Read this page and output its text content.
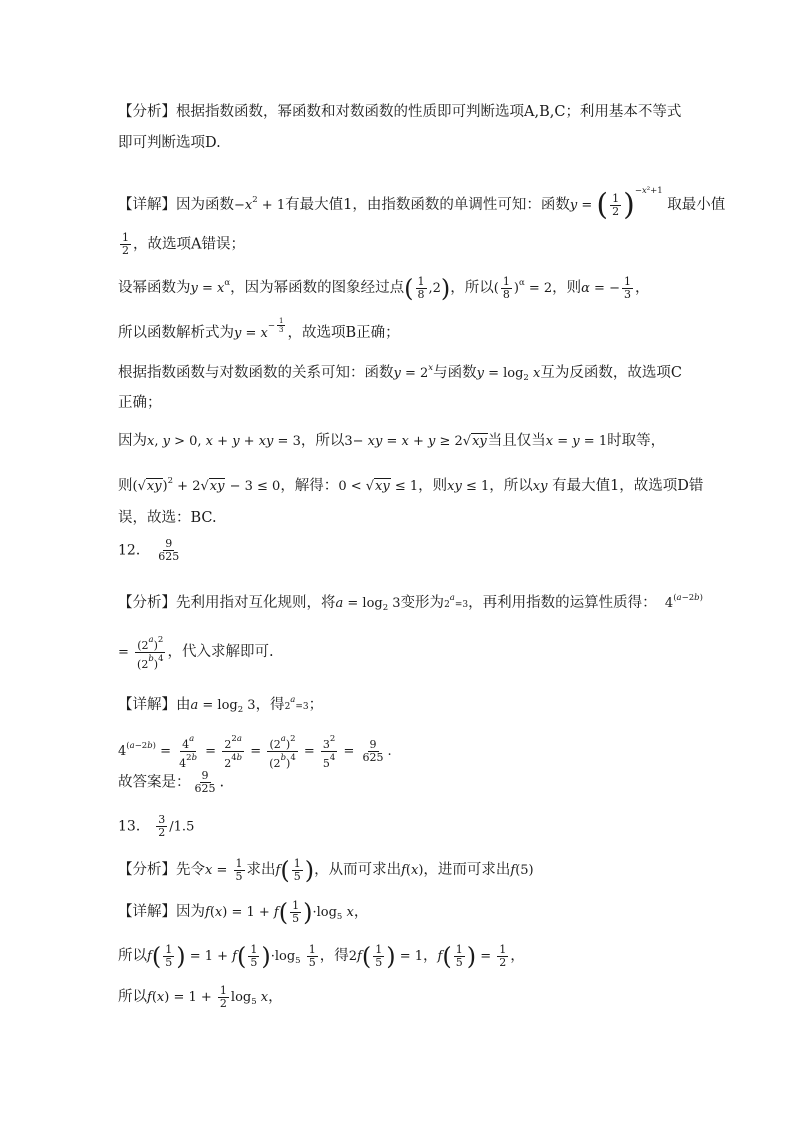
【分析】根据指数函数，幂函数和对数函数的性质即可判断选项A,B,C；利用基本不等式
即可判断选项D.
【详解】因为函数$-x^2 + 1$有最大值1，由指数函数的单调性可知：函数y = ( $\frac{1}{2} )^{-x^2+1}$ 取最小值
$\frac{1}{2}$ ，故选项A错误；
设幂函数为$y = x^\alpha$，因为幂函数的图象经过点( $\frac{1}{8} ,2$)，所以( $\frac{1}{8} )^\alpha = 2$，则α = − $\frac{1}{3}$ ，
所以函数解析式为$y = x^{- \frac{1}{3}}$ ，故选项B正确；
根据指数函数与对数函数的关系可知：函数$y = 2^x$与函数$y = \log_2 x$互为反函数，故选项C
正确；
因为x, y > 0, x + y + xy = 3，所以3− xy = x + y ≥ 2√xy当且仅当x = y = 1时取等，
则$(√xy)^2 + 2√xy - 3 \le 0$，解得：0 < √xy ≤ 1，则xy ≤ 1，所以xy 有最大值1，故选项D错
误，故选：BC.
12． $\frac{9}{625}$
【分析】先利用指对互化规则，将$a = \log_2 3$变形为$2^a=3$，再利用指数的运算性质得：  $4^{(a-2b)}$
= $\frac{(2^a)^2}{(2^b)^4}$ ，代入求解即可.
【详解】由$a = \log_2 3$，得$2^a=3$；
$4^{(a-2b)} = \frac{4^a}{4^{2b}} = \frac{2^{2a}}{2^{4b}} = \frac{(2^a)^2}{(2^b)^4} = \frac{3^2}{5^4} = \frac{9}{625}$ .
故答案是： $\frac{9}{625}$ .
13． $\frac{3}{2} /1.5$
【分析】先令$x = \frac{1}{5}$ 求出$f( \frac{1}{5}$ )，从而可求出f(x)，进而可求出f(5)
【详解】因为$f(x) = 1 + f( \frac{1}{5} )\cdot\log_5$ x，
所以$f( \frac{1}{5}$ ) = $1 + f( \frac{1}{5} )\cdot\log_5 \frac{1}{5}$ ，得$2f( \frac{1}{5}$ ) = 1，$f( \frac{1}{5}$ ) = $\frac{1}{2}$ ，
所以$f(x) = 1 + \frac{1}{2} \log_5 x$，
